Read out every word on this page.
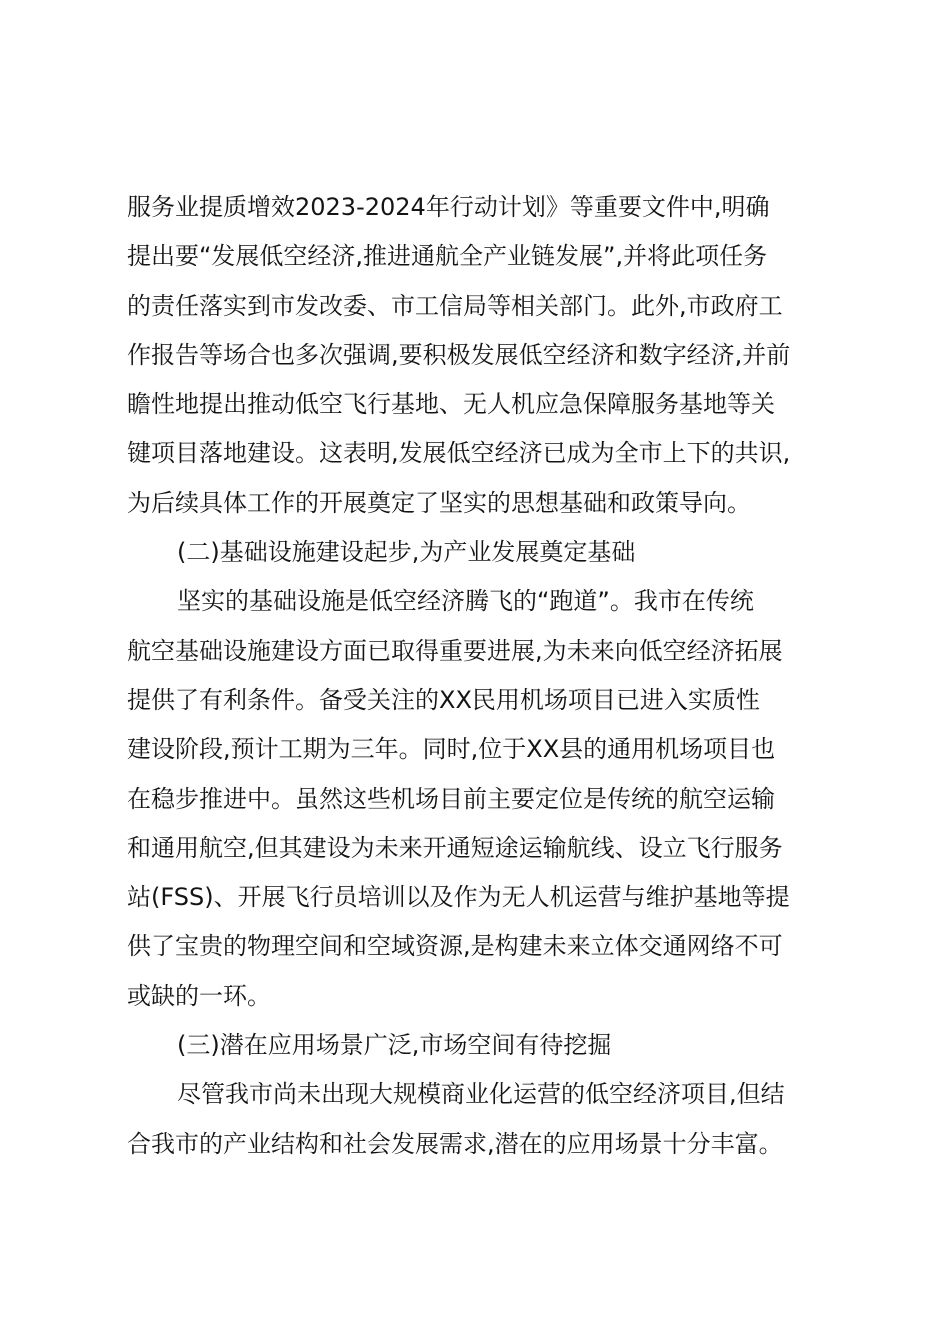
服务业提质增效2023-2024年行动计划》等重要文件中,明确
提出要“发展低空经济,推进通航全产业链发展”,并将此项任务
的责任落实到市发改委、市工信局等相关部门。此外,市政府工
作报告等场合也多次强调,要积极发展低空经济和数字经济,并前
瞻性地提出推动低空飞行基地、无人机应急保障服务基地等关
键项目落地建设。这表明,发展低空经济已成为全市上下的共识,
为后续具体工作的开展奠定了坚实的思想基础和政策导向。
(二)基础设施建设起步,为产业发展奠定基础
坚实的基础设施是低空经济腾飞的“跑道”。我市在传统
航空基础设施建设方面已取得重要进展,为未来向低空经济拓展
提供了有利条件。备受关注的XX民用机场项目已进入实质性
建设阶段,预计工期为三年。同时,位于XX县的通用机场项目也
在稳步推进中。虽然这些机场目前主要定位是传统的航空运输
和通用航空,但其建设为未来开通短途运输航线、设立飞行服务
站(FSS)、开展飞行员培训以及作为无人机运营与维护基地等提
供了宝贵的物理空间和空域资源,是构建未来立体交通网络不可
或缺的一环。
(三)潜在应用场景广泛,市场空间有待挖掘
尽管我市尚未出现大规模商业化运营的低空经济项目,但结
合我市的产业结构和社会发展需求,潜在的应用场景十分丰富。
